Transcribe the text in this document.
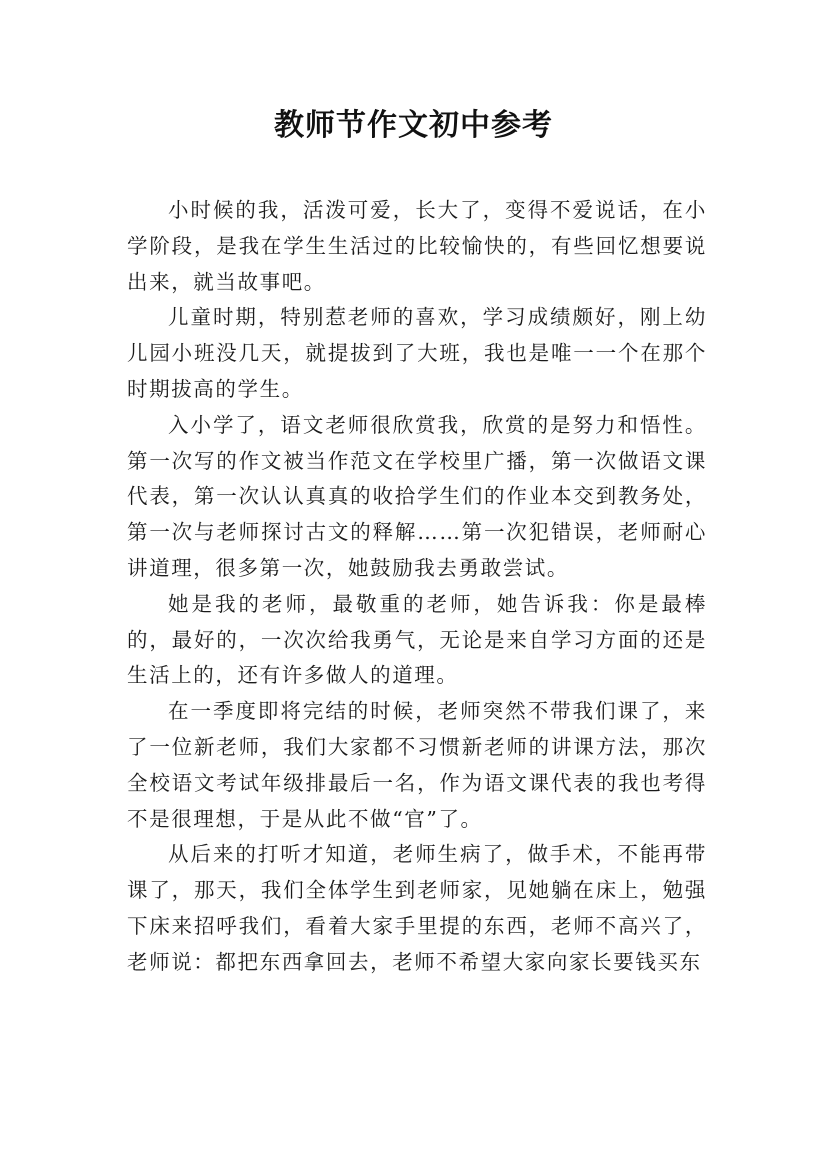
教师节作文初中参考

小时候的我，活泼可爱，长大了，变得不爱说话，在小学阶段，是我在学生生活过的比较愉快的，有些回忆想要说出来，就当故事吧。

儿童时期，特别惹老师的喜欢，学习成绩颇好，刚上幼儿园小班没几天，就提拔到了大班，我也是唯一一个在那个时期拔高的学生。

入小学了，语文老师很欣赏我，欣赏的是努力和悟性。第一次写的作文被当作范文在学校里广播，第一次做语文课代表，第一次认认真真的收拾学生们的作业本交到教务处，第一次与老师探讨古文的释解……第一次犯错误，老师耐心讲道理，很多第一次，她鼓励我去勇敢尝试。

她是我的老师，最敬重的老师，她告诉我：你是最棒的，最好的，一次次给我勇气，无论是来自学习方面的还是生活上的，还有许多做人的道理。

在一季度即将完结的时候，老师突然不带我们课了，来了一位新老师，我们大家都不习惯新老师的讲课方法，那次全校语文考试年级排最后一名，作为语文课代表的我也考得不是很理想，于是从此不做“官”了。

从后来的打听才知道，老师生病了，做手术，不能再带课了，那天，我们全体学生到老师家，见她躺在床上，勉强下床来招呼我们，看着大家手里提的东西，老师不高兴了，老师说：都把东西拿回去，老师不希望大家向家长要钱买东
